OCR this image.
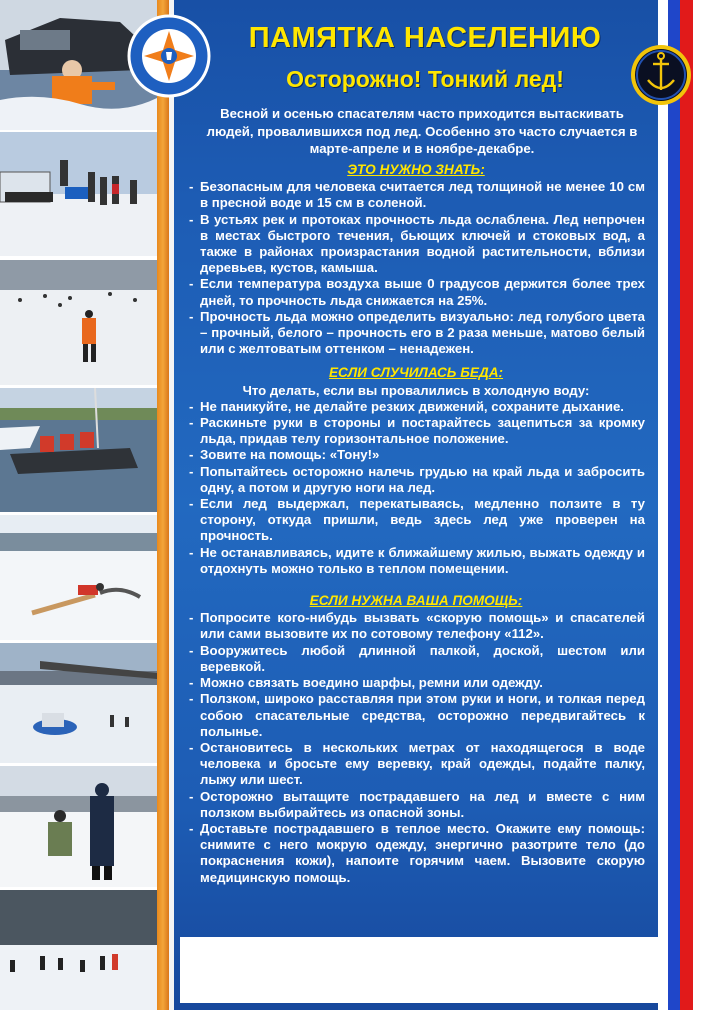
ПАМЯТКА НАСЕЛЕНИЮ
Осторожно! Тонкий лед!
Весной и осенью спасателям часто приходится вытаскивать людей, провалившихся под лед. Особенно это часто случается в марте-апреле и в ноябре-декабре.
ЭТО НУЖНО ЗНАТЬ:
- Безопасным для человека считается лед толщиной не менее 10 см в пресной воде и 15 см в соленой.
- В устьях рек и протоках прочность льда ослаблена. Лед непрочен в местах быстрого течения, бьющих ключей и стоковых вод, а также в районах произрастания водной растительности, вблизи деревьев, кустов, камыша.
- Если температура воздуха выше 0 градусов держится более трех дней, то прочность льда снижается на 25%.
- Прочность льда можно определить визуально: лед голубого цвета – прочный, белого – прочность его в 2 раза меньше, матово белый или с желтоватым оттенком – ненадежен.
ЕСЛИ СЛУЧИЛАСЬ БЕДА:

Что делать, если вы провалились в холодную воду:

- Не паникуйте, не делайте резких движений, сохраните дыхание.
- Раскиньте руки в стороны и постарайтесь зацепиться за кромку льда, придав телу горизонтальное положение.
- Зовите на помощь: «Тону!»
- Попытайтесь осторожно налечь грудью на край льда и забросить одну, а потом и другую ноги на лед.
- Если лед выдержал, перекатываясь, медленно ползите в ту сторону, откуда пришли, ведь здесь лед уже проверен на прочность.
- Не останавливаясь, идите к ближайшему жилью, выжать одежду и отдохнуть можно только в теплом помещении.
ЕСЛИ НУЖНА ВАША ПОМОЩЬ:
- Попросите кого-нибудь вызвать «скорую помощь» и спасателей или сами вызовите их по сотовому телефону «112».
- Вооружитесь любой длинной палкой, доской, шестом или веревкой.
- Можно связать воедино шарфы, ремни или одежду.
- Ползком, широко расставляя при этом руки и ноги, и толкая перед собою спасательные средства, осторожно передвигайтесь к полынье.
- Остановитесь в нескольких метрах от находящегося в воде человека и бросьте ему веревку, край одежды, подайте палку, лыжу или шест.
- Осторожно вытащите пострадавшего на лед и вместе с ним ползком выбирайтесь из опасной зоны.
- Доставьте пострадавшего в теплое место. Окажите ему помощь: снимите с него мокрую одежду, энергично разотрите тело (до покраснения кожи), напоите горячим чаем. Вызовите скорую медицинскую помощь.
